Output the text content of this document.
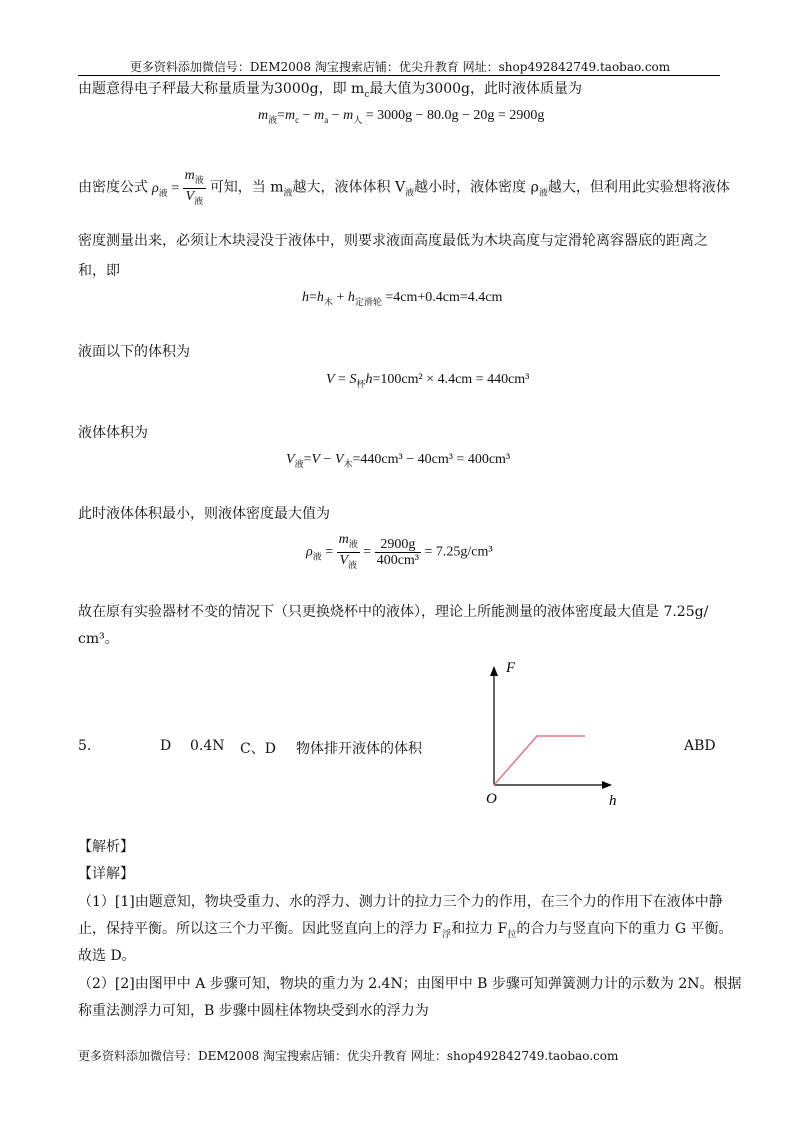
更多资料添加微信号：DEM2008 淘宝搜索店铺：优尖升教育 网址：shop492842749.taobao.com
由题意得电子秤最大称量质量为3000g，即 $m_c$最大值为3000g，此时液体质量为
$m_液=m_c - m_a - m_人 = 3000g - 80.0g - 20g = 2900g$
由密度公式 $\rho_液 = \frac{m_液}{V_液}$ 可知，当 $m_液$越大，液体体积 $V_液$越小时，液体密度 $\rho_液$越大，但利用此实验想将液体
密度测量出来，必须让木块浸没于液体中，则要求液面高度最低为木块高度与定滑轮离容器底的距离之
和，即
$h=h_木 + h_{定滑轮} =4cm+0.4cm=4.4cm$
液面以下的体积为
$V = S_杯h=100cm^2 \times 4.4cm = 440cm^3$
液体体积为
$V_液=V - V_木=440cm^3 - 40cm^3 = 400cm^3$
此时液体体积最小，则液体密度最大值为
$\rho_液 = \frac{m_液}{V_液} = \frac{2900g}{\text{400cm³}} = 7.25g/cm^3$
故在原有实验器材不变的情况下（只更换烧杯中的液体），理论上所能测量的液体密度最大值是 7.25g/
cm³。
5.	D 0.4N C、D 物体排开液体的体积	ABD
F
h
O
【解析】
【详解】
（1）[1]由题意知，物块受重力、水的浮力、测力计的拉力三个力的作用，在三个力的作用下在液体中静
止，保持平衡。所以这三个力平衡。因此竖直向上的浮力 $F_浮$和拉力 $F_拉$的合力与竖直向下的重力 G 平衡。
故选 D。
（2）[2]由图甲中 A 步骤可知，物块的重力为 2.4N；由图甲中 B 步骤可知弹簧测力计的示数为 2N。根据
称重法测浮力可知，B 步骤中圆柱体物块受到水的浮力为
更多资料添加微信号：DEM2008 淘宝搜索店铺：优尖升教育 网址：shop492842749.taobao.com
